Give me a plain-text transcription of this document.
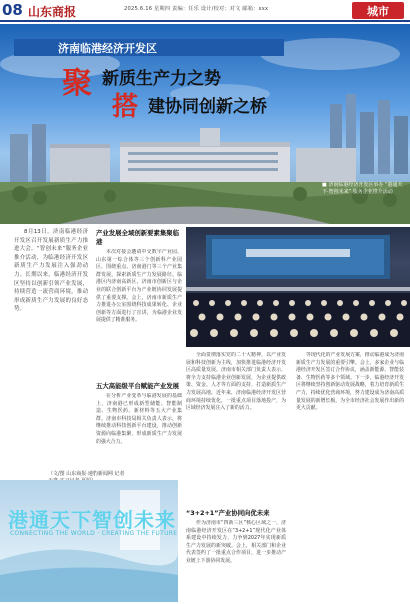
08 山东商报	2025.6.16 星期四 责编：任乐 设计/校对：对文 邮箱：xxx	城市
济南临港经济开发区
聚 新质生产力之势
搭 建协同创新之桥
8月13日，济南临港经济开发区召开发展新质生产力推进大会。“智创未来”服务企业推介活动，为临港经济开发区新质生产力发展注入强劲动力。长期以来，临港经济开发区坚持以创新引领产业发展，持续营造一流营商环境，推动形成新质生产力发展的良好态势。
产业发展全域创新要素集聚临港
本次对接会邀请中交数字产业园、山东第一综合体等三个创新科产业园区，围绕重点、济南港门等三个产业集群发展，探索新质生产力发展路径。临港区内济南高新区、济南市创新区与企业的联合创新平台为产业链协同发展提供了重要支撑。会上，济南市新质生产力推进办公室围绕科技成果转化、企业创新等方面进行了宣讲，为临港企业发展提供了精准服务。
五大高能级平台赋能产业发展
在分析产业变革与临港发展的基础上，济南港已形成新型储能、智能制造、生物医药、新材料等五大产业集群。济南市科技局相关负责人表示，将继续推动科技创新平台建设，推动创新资源向临港集聚，形成新质生产力发展的强大合力。
■ 济南临港经济开发区举办 “港通天下·智创未来” 服务企业推介活动
全面贯彻落实党的二十大精神，以产业发展和科技创新为主线，加快推进临港经济开发区高质量发展。济南市相关部门负责人表示，将全力支持临港企业创新发展，为企业提供政策、资金、人才等方面的支持，打造新质生产力发展高地。近年来，济南临港经济开发区营商环境持续优化，一批重点项目落地投产，为区域经济发展注入了新的活力。
“3+2+1”产业协同向优未来
作为济南市“四新三区”核心区域之一，济南临港经济开发区在“3+2+1”现代化产业体系建设中持续发力，力争到2027年实现新质生产力发展的新突破。会上，相关部门和企业代表签约了一批重点合作项目，进一步推动产业链上下游协同发展。
等现代化的产业发展方案，推动临港成为济南新质生产力发展的重要引擎。会上，多家企业与临港经济开发区签订合作协议，涵盖新能源、智能装备、生物医药等多个领域。下一步，临港经济开发区将继续坚持创新驱动发展战略，着力培育新质生产力，持续优化营商环境，努力建设成为济南高质量发展的新增长极，为全市经济社会发展作出新的更大贡献。
（文/图 山东商报·速豹新闻网 记者
港通天下 智创未来
CONNECTING THE WORLD · CREATING THE FUTURE
